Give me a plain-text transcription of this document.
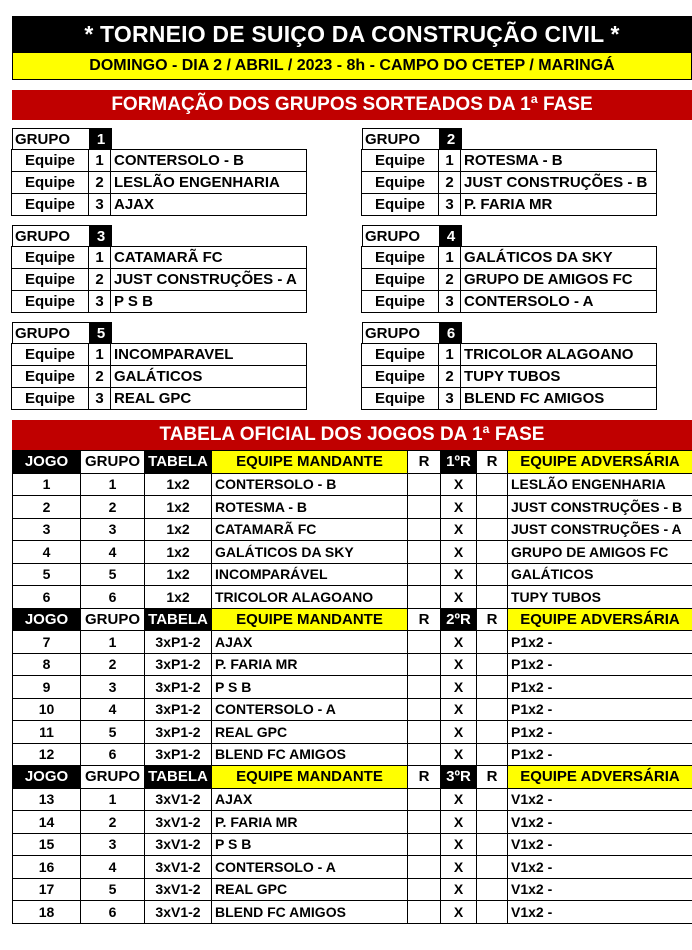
* TORNEIO DE SUIÇO DA CONSTRUÇÃO CIVIL *
DOMINGO - DIA 2 / ABRIL / 2023 - 8h - CAMPO DO CETEP / MARINGÁ
FORMAÇÃO DOS GRUPOS SORTEADOS DA 1ª FASE
GRUPO	1
Equipe	1 CONTERSOLO - B
Equipe	2 LESLÃO ENGENHARIA
Equipe	3 AJAX
GRUPO	2
Equipe	1 ROTESMA - B
Equipe	2 JUST CONSTRUÇÕES - B
Equipe	3 P. FARIA MR
GRUPO	3
Equipe	1 CATAMARÃ FC
Equipe	2 JUST CONSTRUÇÕES - A
Equipe	3 P S B
GRUPO	4
Equipe	1 GALÁTICOS DA SKY
Equipe	2 GRUPO DE AMIGOS FC
Equipe	3 CONTERSOLO - A
GRUPO	5
Equipe	1 INCOMPARAVEL
Equipe	2 GALÁTICOS
Equipe	3 REAL GPC
GRUPO	6
Equipe	1 TRICOLOR ALAGOANO
Equipe	2 TUPY TUBOS
Equipe	3 BLEND FC AMIGOS
TABELA OFICIAL DOS JOGOS DA 1ª FASE
JOGO	GRUPO	TABELA	EQUIPE MANDANTE	R	1ºR	R	EQUIPE ADVERSÁRIA
1	1	1x2	CONTERSOLO - B		X		LESLÃO ENGENHARIA
2	2	1x2	ROTESMA - B		X		JUST CONSTRUÇÕES - B
3	3	1x2	CATAMARÃ FC		X		JUST CONSTRUÇÕES - A
4	4	1x2	GALÁTICOS DA SKY		X		GRUPO DE AMIGOS FC
5	5	1x2	INCOMPARÁVEL		X		GALÁTICOS
6	6	1x2	TRICOLOR ALAGOANO		X		TUPY TUBOS
JOGO	GRUPO	TABELA	EQUIPE MANDANTE	R	2ºR	R	EQUIPE ADVERSÁRIA
7	1	3xP1-2	AJAX		X		P1x2 -
8	2	3xP1-2	P. FARIA MR		X		P1x2 -
9	3	3xP1-2	P S B		X		P1x2 -
10	4	3xP1-2	CONTERSOLO - A		X		P1x2 -
11	5	3xP1-2	REAL GPC		X		P1x2 -
12	6	3xP1-2	BLEND FC AMIGOS		X		P1x2 -
JOGO	GRUPO	TABELA	EQUIPE MANDANTE	R	3ºR	R	EQUIPE ADVERSÁRIA
13	1	3xV1-2	AJAX		X		V1x2 -
14	2	3xV1-2	P. FARIA MR		X		V1x2 -
15	3	3xV1-2	P S B		X		V1x2 -
16	4	3xV1-2	CONTERSOLO - A		X		V1x2 -
17	5	3xV1-2	REAL GPC		X		V1x2 -
18	6	3xV1-2	BLEND FC AMIGOS		X		V1x2 -
